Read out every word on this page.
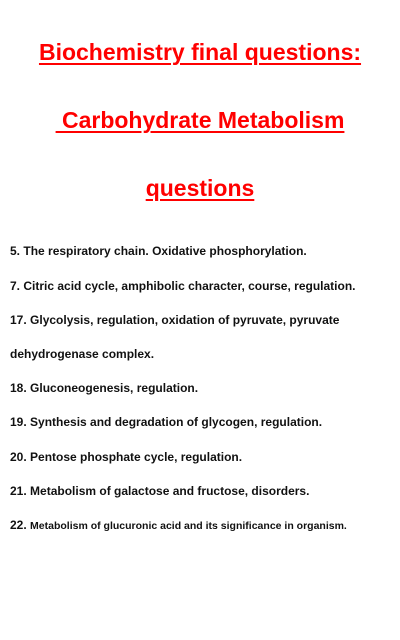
Biochemistry final questions:
Carbohydrate Metabolism
questions
5. The respiratory chain. Oxidative phosphorylation.
7. Citric acid cycle, amphibolic character, course, regulation.
17. Glycolysis, regulation, oxidation of pyruvate, pyruvate
dehydrogenase complex.
18. Gluconeogenesis, regulation.
19. Synthesis and degradation of glycogen, regulation.
20. Pentose phosphate cycle, regulation.
21. Metabolism of galactose and fructose, disorders.
22. Metabolism of glucuronic acid and its significance in organism.
